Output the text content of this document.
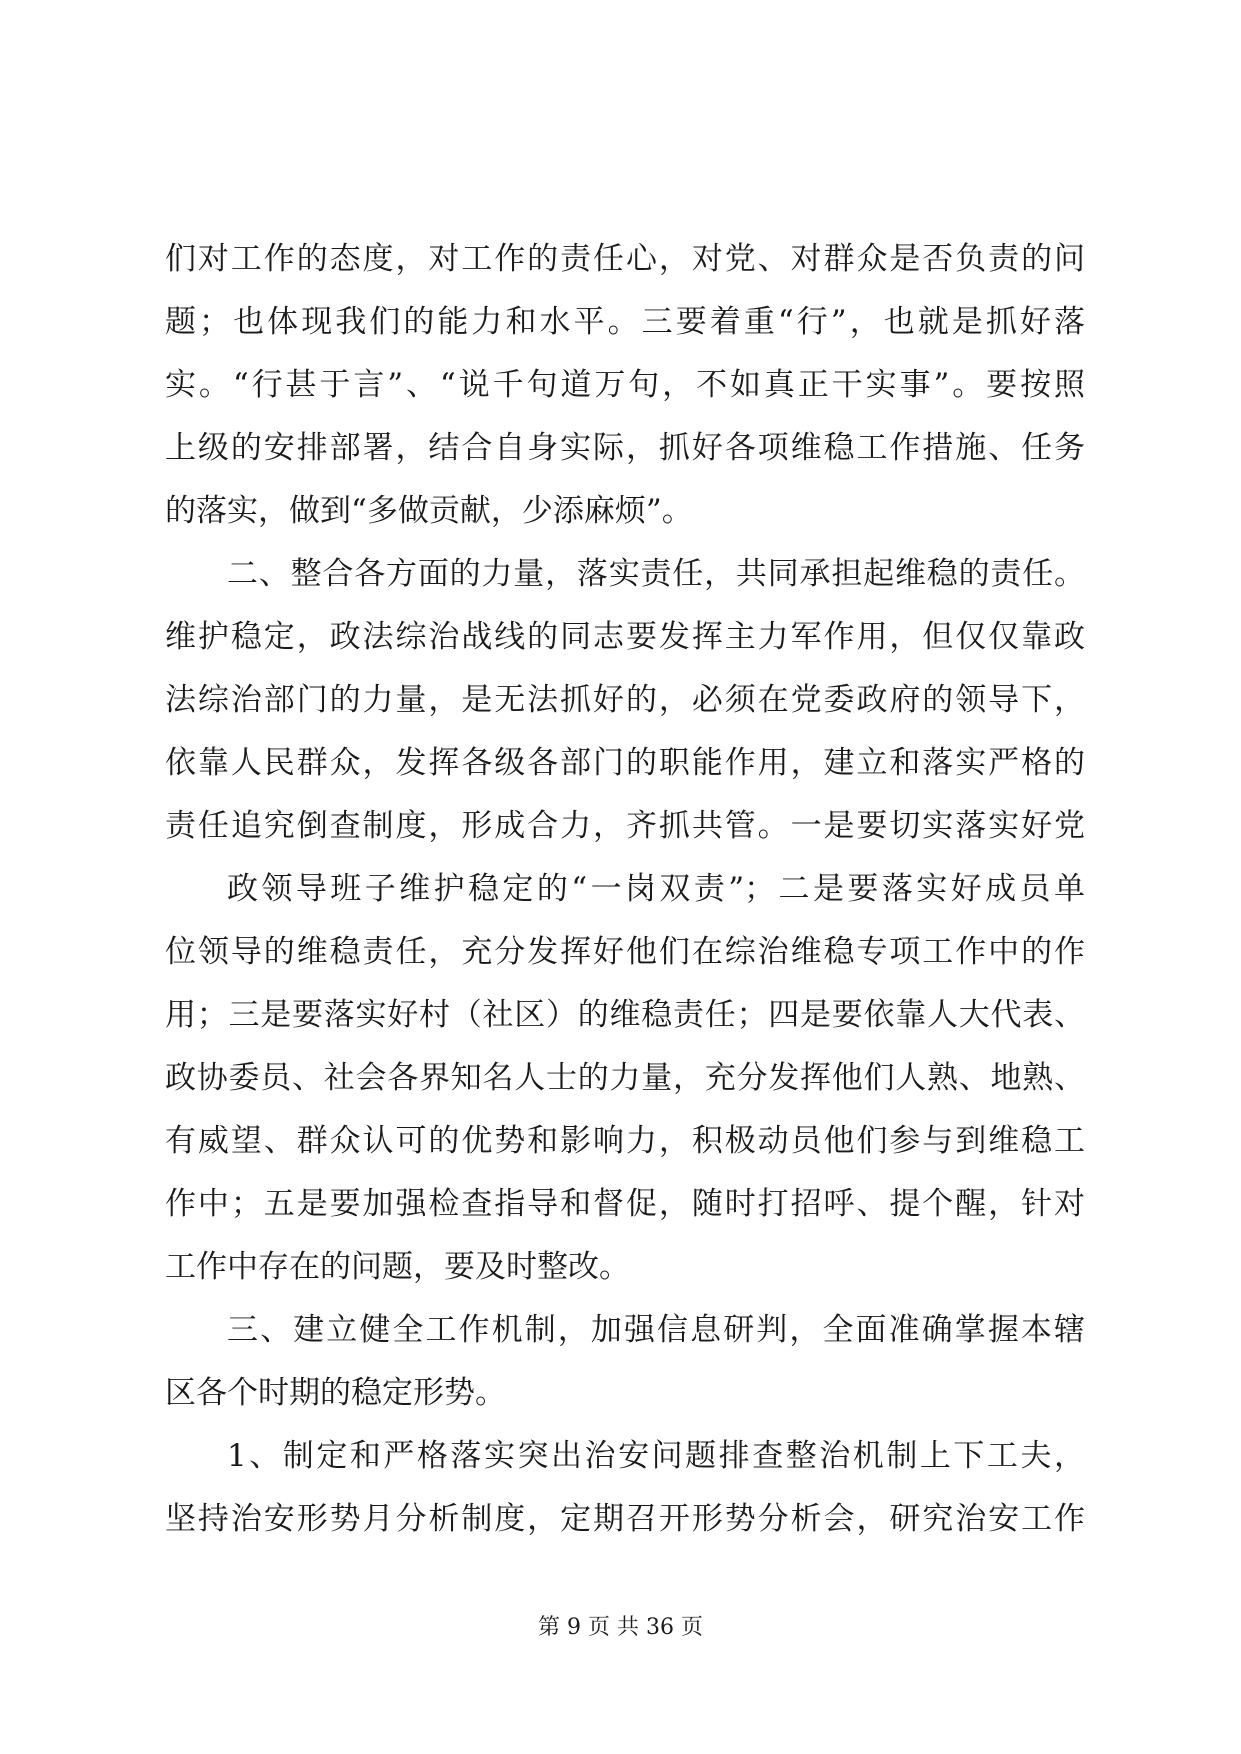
们对工作的态度，对工作的责任心，对党、对群众是否负责的问
题；也体现我们的能力和水平。三要着重“行”，也就是抓好落
实。“行甚于言”、“说千句道万句，不如真正干实事”。要按照
上级的安排部署，结合自身实际，抓好各项维稳工作措施、任务
的落实，做到“多做贡献，少添麻烦”。
二、整合各方面的力量，落实责任，共同承担起维稳的责任。
维护稳定，政法综治战线的同志要发挥主力军作用，但仅仅靠政
法综治部门的力量，是无法抓好的，必须在党委政府的领导下，
依靠人民群众，发挥各级各部门的职能作用，建立和落实严格的
责任追究倒查制度，形成合力，齐抓共管。一是要切实落实好党
政领导班子维护稳定的“一岗双责”；二是要落实好成员单
位领导的维稳责任，充分发挥好他们在综治维稳专项工作中的作
用；三是要落实好村（社区）的维稳责任；四是要依靠人大代表、
政协委员、社会各界知名人士的力量，充分发挥他们人熟、地熟、
有威望、群众认可的优势和影响力，积极动员他们参与到维稳工
作中；五是要加强检查指导和督促，随时打招呼、提个醒，针对
工作中存在的问题，要及时整改。
三、建立健全工作机制，加强信息研判，全面准确掌握本辖
区各个时期的稳定形势。
1、制定和严格落实突出治安问题排查整治机制上下工夫，
坚持治安形势月分析制度，定期召开形势分析会，研究治安工作
第 9 页 共 36 页
